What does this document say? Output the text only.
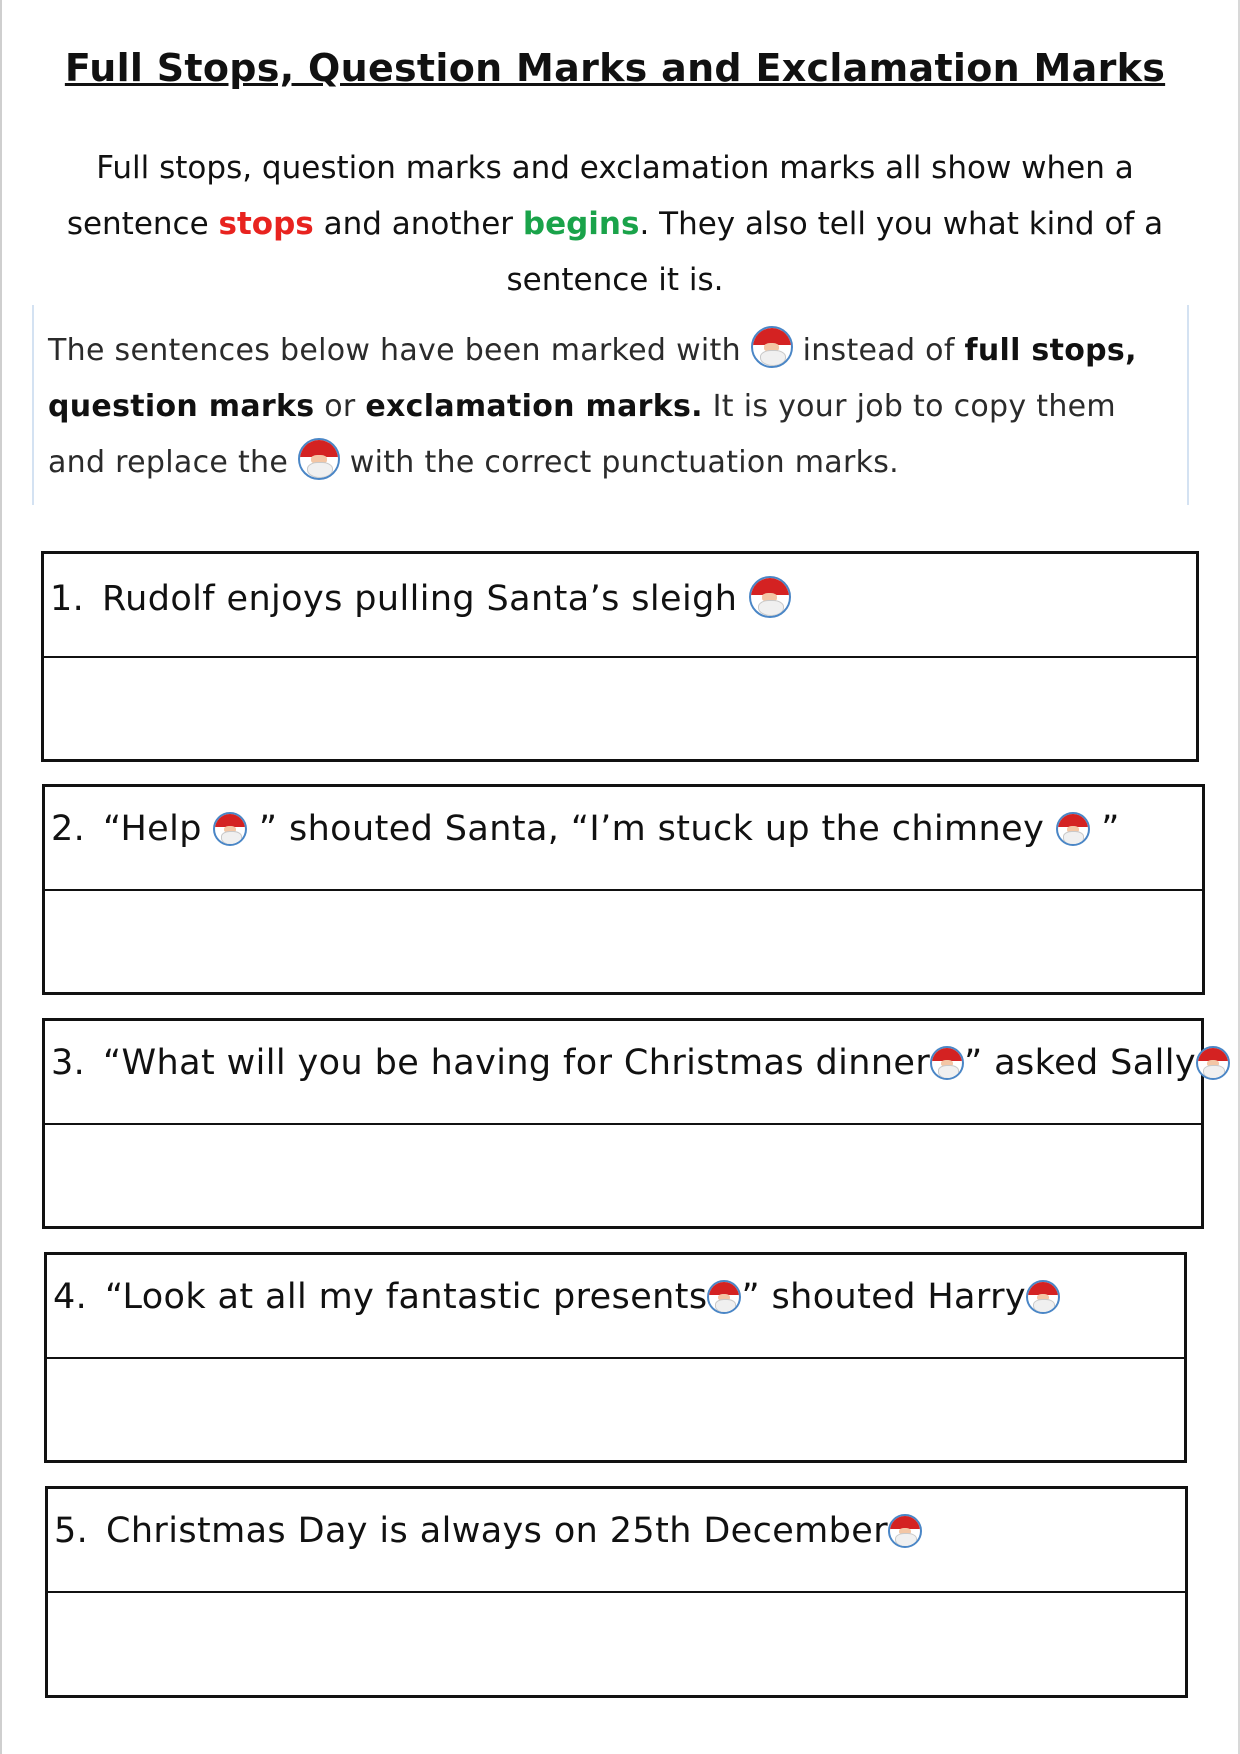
Full Stops, Question Marks and Exclamation Marks
Full stops, question marks and exclamation marks all show when a sentence stops and another begins. They also tell you what kind of a sentence it is.
The sentences below have been marked with
instead of full stops,
question marks or exclamation marks. It is your job to copy them and replace the
with the correct punctuation marks.
1. Rudolf enjoys pulling Santa’s sleigh
2. “Help
” shouted Santa, “I’m stuck up the chimney
”
3. “What will you be having for Christmas dinner ” asked Sally
4. “Look at all my fantastic presents ” shouted Harry
5. Christmas Day is always on 25th December
